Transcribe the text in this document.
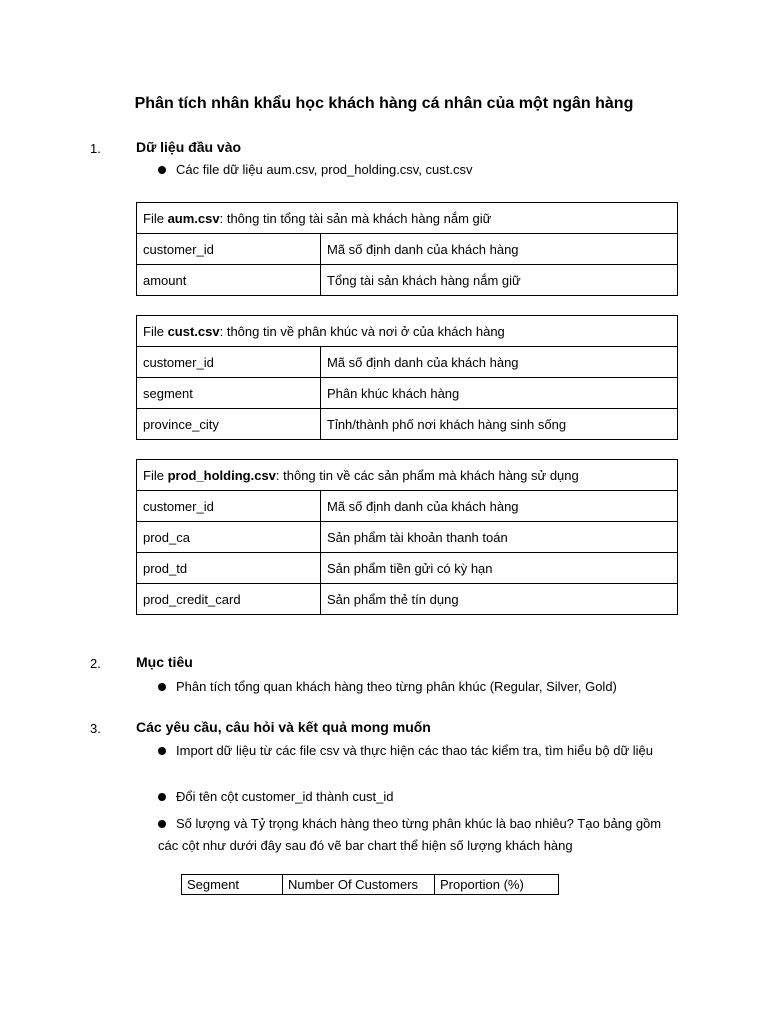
Phân tích nhân khẩu học khách hàng cá nhân của một ngân hàng
1.	Dữ liệu đầu vào
Các file dữ liệu aum.csv, prod_holding.csv, cust.csv
File aum.csv: thông tin tổng tài sản mà khách hàng nắm giữ	
customer_id	Mã số định danh của khách hàng
amount	Tổng tài sản khách hàng nắm giữ
File cust.csv: thông tin về phân khúc và nơi ở của khách hàng	
customer_id	Mã số định danh của khách hàng
segment	Phân khúc khách hàng
province_city	Tỉnh/thành phố nơi khách hàng sinh sống
File prod_holding.csv: thông tin về các sản phẩm mà khách hàng sử dụng	
customer_id	Mã số định danh của khách hàng
prod_ca	Sản phẩm tài khoản thanh toán
prod_td	Sản phẩm tiền gửi có kỳ hạn
prod_credit_card	Sản phẩm thẻ tín dụng
2.	Mục tiêu
Phân tích tổng quan khách hàng theo từng phân khúc (Regular, Silver, Gold)
3.	Các yêu cầu, câu hỏi và kết quả mong muốn
Import dữ liệu từ các file csv và thực hiện các thao tác kiểm tra, tìm hiểu bộ dữ liệu
Đổi tên cột customer_id thành cust_id
Số lượng và Tỷ trọng khách hàng theo từng phân khúc là bao nhiêu? Tạo bảng gồm các cột như dưới đây sau đó vẽ bar chart thể hiện số lượng khách hàng
Segment	Number Of Customers	Proportion (%)
